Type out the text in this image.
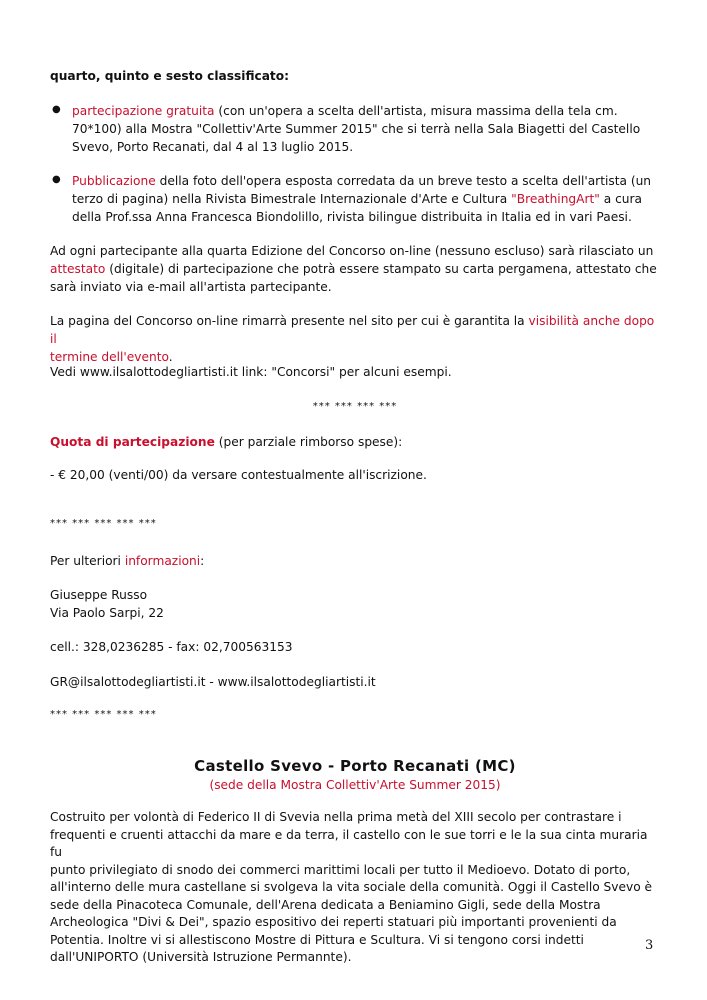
quarto, quinto e sesto classificato:
● partecipazione gratuita (con un'opera a scelta dell'artista, misura massima della tela cm.
70*100) alla Mostra "Collettiv'Arte Summer 2015" che si terrà nella Sala Biagetti del Castello
Svevo, Porto Recanati, dal 4 al 13 luglio 2015.
● Pubblicazione della foto dell'opera esposta corredata da un breve testo a scelta dell'artista (un
terzo di pagina) nella Rivista Bimestrale Internazionale d'Arte e Cultura "BreathingArt" a cura
della Prof.ssa Anna Francesca Biondolillo, rivista bilingue distribuita in Italia ed in vari Paesi.
Ad ogni partecipante alla quarta Edizione del Concorso on-line (nessuno escluso) sarà rilasciato un
attestato (digitale) di partecipazione che potrà essere stampato su carta pergamena, attestato che
sarà inviato via e-mail all'artista partecipante.
La pagina del Concorso on-line rimarrà presente nel sito per cui è garantita la visibilità anche dopo il
termine dell'evento.
Vedi www.ilsalottodegliartisti.it link: "Concorsi" per alcuni esempi.
*** *** *** ***
Quota di partecipazione (per parziale rimborso spese):
- € 20,00 (venti/00) da versare contestualmente all'iscrizione.
*** *** *** *** ***
Per ulteriori informazioni:
Giuseppe Russo
Via Paolo Sarpi, 22
cell.: 328,0236285 - fax: 02,700563153
GR@ilsalottodegliartisti.it - www.ilsalottodegliartisti.it
*** *** *** *** ***
Castello Svevo - Porto Recanati (MC)
(sede della Mostra Collettiv'Arte Summer 2015)
Costruito per volontà di Federico II di Svevia nella prima metà del XIII secolo per contrastare i
frequenti e cruenti attacchi da mare e da terra, il castello con le sue torri e le la sua cinta muraria fu
punto privilegiato di snodo dei commerci marittimi locali per tutto il Medioevo. Dotato di porto,
all'interno delle mura castellane si svolgeva la vita sociale della comunità. Oggi il Castello Svevo è
sede della Pinacoteca Comunale, dell'Arena dedicata a Beniamino Gigli, sede della Mostra
Archeologica "Divi & Dei", spazio espositivo dei reperti statuari più importanti provenienti da
Potentia. Inoltre vi si allestiscono Mostre di Pittura e Scultura. Vi si tengono corsi indetti
dall'UNIPORTO (Università Istruzione Permannte).
3
